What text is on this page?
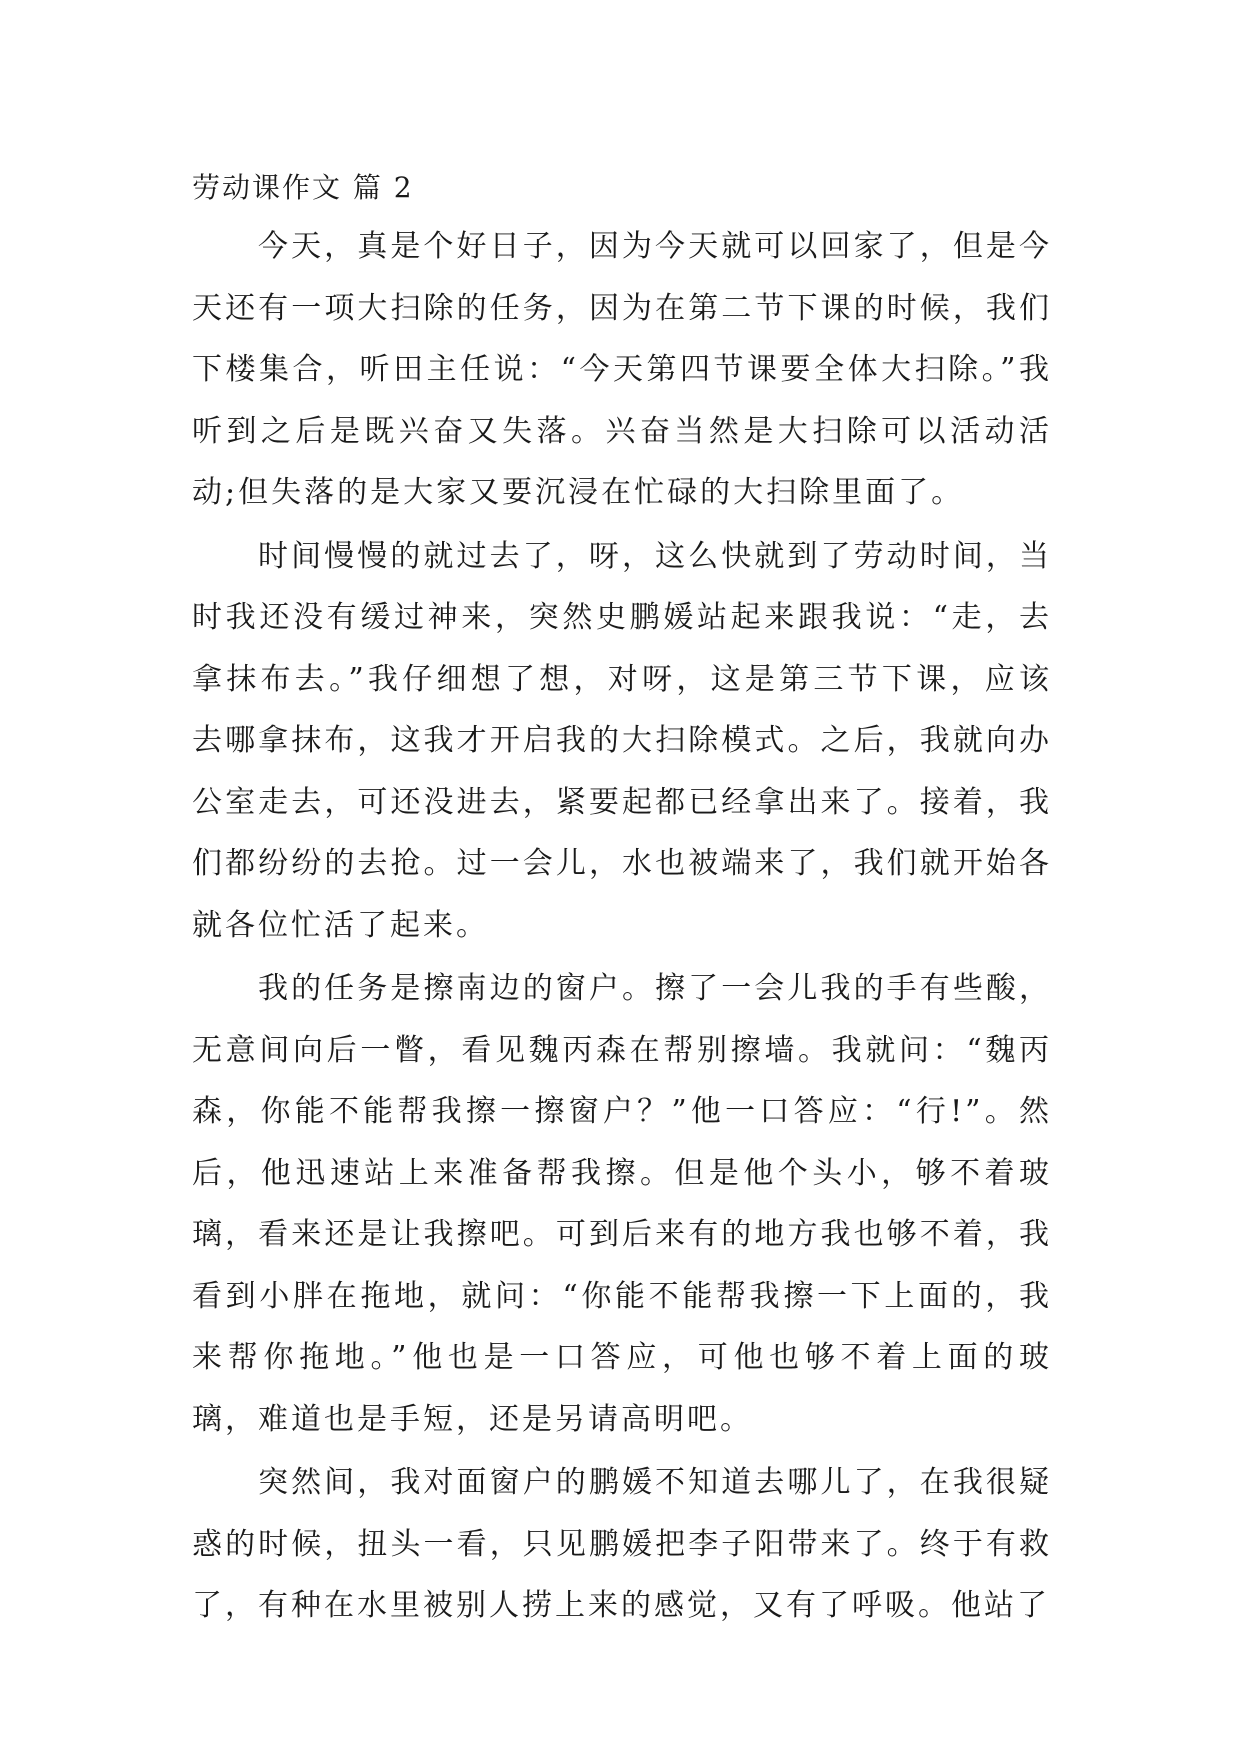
劳动课作文 篇 2

今天，真是个好日子，因为今天就可以回家了，但是今天还有一项大扫除的任务，因为在第二节下课的时候，我们下楼集合，听田主任说：“今天第四节课要全体大扫除。”我听到之后是既兴奋又失落。兴奋当然是大扫除可以活动活动;但失落的是大家又要沉浸在忙碌的大扫除里面了。

时间慢慢的就过去了，呀，这么快就到了劳动时间，当时我还没有缓过神来，突然史鹏媛站起来跟我说：“走，去拿抹布去。”我仔细想了想，对呀，这是第三节下课，应该去哪拿抹布，这我才开启我的大扫除模式。之后，我就向办公室走去，可还没进去，紧要起都已经拿出来了。接着，我们都纷纷的去抢。过一会儿，水也被端来了，我们就开始各就各位忙活了起来。

我的任务是擦南边的窗户。擦了一会儿我的手有些酸，无意间向后一瞥，看见魏丙森在帮别擦墙。我就问：“魏丙森，你能不能帮我擦一擦窗户？”他一口答应：“行!”。然后，他迅速站上来准备帮我擦。但是他个头小，够不着玻璃，看来还是让我擦吧。可到后来有的地方我也够不着，我看到小胖在拖地，就问：“你能不能帮我擦一下上面的，我来帮你拖地。”他也是一口答应，可他也够不着上面的玻璃，难道也是手短，还是另请高明吧。

突然间，我对面窗户的鹏媛不知道去哪儿了，在我很疑惑的时候，扭头一看，只见鹏媛把李子阳带来了。终于有救了，有种在水里被别人捞上来的感觉，又有了呼吸。他站了
